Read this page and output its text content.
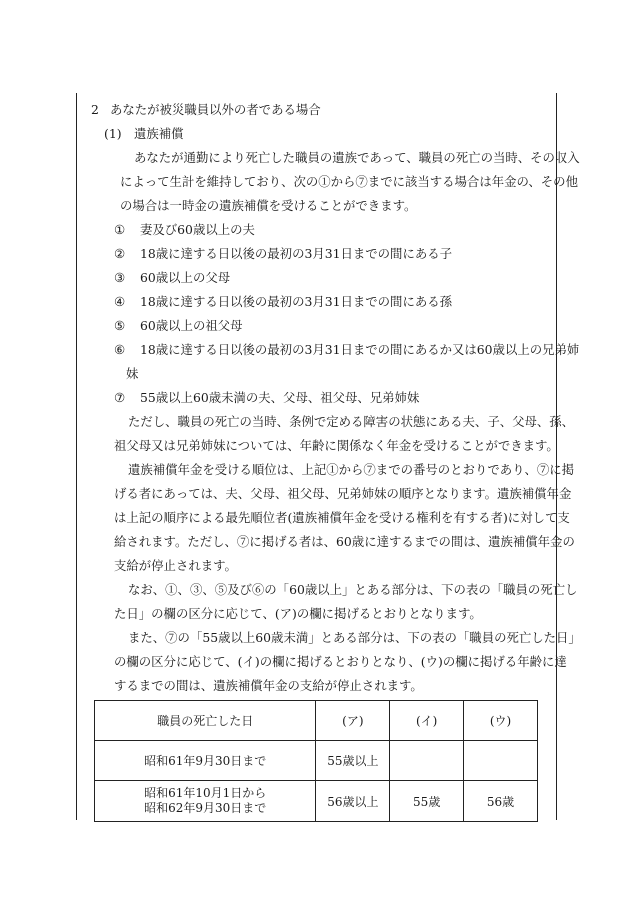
2 あなたが被災職員以外の者である場合
(1) 遺族補償
あなたが通勤により死亡した職員の遺族であって、職員の死亡の当時、その収入
によって生計を維持しており、次の①から⑦までに該当する場合は年金の、その他
の場合は一時金の遺族補償を受けることができます。
① 妻及び60歳以上の夫
② 18歳に達する日以後の最初の3月31日までの間にある子
③ 60歳以上の父母
④ 18歳に達する日以後の最初の3月31日までの間にある孫
⑤ 60歳以上の祖父母
⑥ 18歳に達する日以後の最初の3月31日までの間にあるか又は60歳以上の兄弟姉
妹
⑦ 55歳以上60歳未満の夫、父母、祖父母、兄弟姉妹
ただし、職員の死亡の当時、条例で定める障害の状態にある夫、子、父母、孫、
祖父母又は兄弟姉妹については、年齢に関係なく年金を受けることができます。
遺族補償年金を受ける順位は、上記①から⑦までの番号のとおりであり、⑦に掲
げる者にあっては、夫、父母、祖父母、兄弟姉妹の順序となります。遺族補償年金
は上記の順序による最先順位者(遺族補償年金を受ける権利を有する者)に対して支
給されます。ただし、⑦に掲げる者は、60歳に達するまでの間は、遺族補償年金の
支給が停止されます。
なお、①、③、⑤及び⑥の「60歳以上」とある部分は、下の表の「職員の死亡し
た日」の欄の区分に応じて、(ア)の欄に掲げるとおりとなります。
また、⑦の「55歳以上60歳未満」とある部分は、下の表の「職員の死亡した日」
の欄の区分に応じて、(イ)の欄に掲げるとおりとなり、(ウ)の欄に掲げる年齢に達
するまでの間は、遺族補償年金の支給が停止されます。
職員の死亡した日	(ア)	(イ)	(ウ)
昭和61年9月30日まで	55歳以上		

昭和61年10月1日から
昭和62年9月30日まで	56歳以上	55歳	56歳
